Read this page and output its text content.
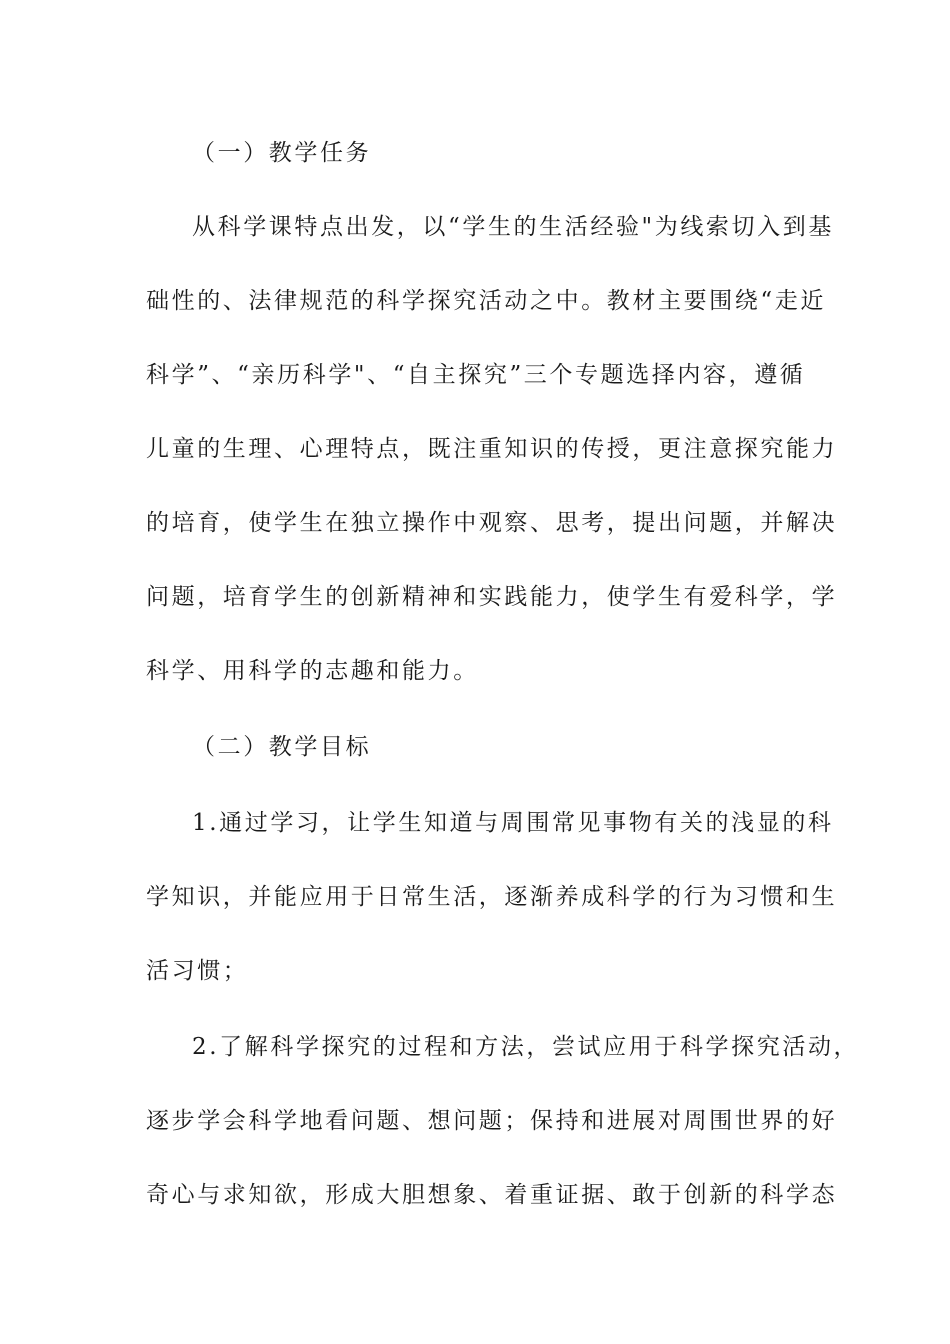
（一）教学任务
从科学课特点出发，以“学生的生活经验"为线索切入到基
础性的、法律规范的科学探究活动之中。教材主要围绕“走近
科学”、“亲历科学"、“自主探究”三个专题选择内容，遵循
儿童的生理、心理特点，既注重知识的传授，更注意探究能力
的培育，使学生在独立操作中观察、思考，提出问题，并解决
问题，培育学生的创新精神和实践能力，使学生有爱科学，学
科学、用科学的志趣和能力。
（二）教学目标
1.通过学习，让学生知道与周围常见事物有关的浅显的科
学知识，并能应用于日常生活，逐渐养成科学的行为习惯和生
活习惯；
2.了解科学探究的过程和方法，尝试应用于科学探究活动，
逐步学会科学地看问题、想问题；保持和进展对周围世界的好
奇心与求知欲，形成大胆想象、着重证据、敢于创新的科学态
